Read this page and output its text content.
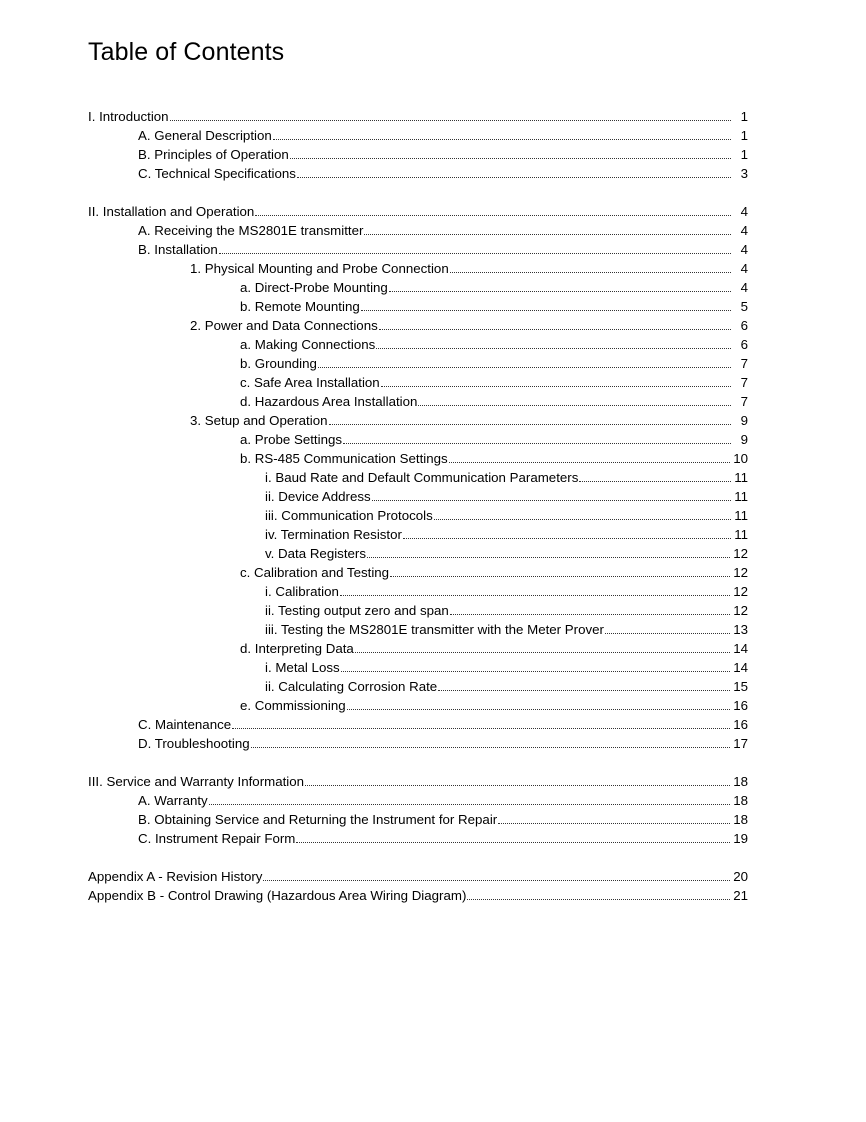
Table of Contents
I. Introduction	1
A. General Description	1
B. Principles of Operation	1
C. Technical Specifications	3
II. Installation and Operation	4
A. Receiving the MS2801E transmitter	4
B. Installation	4
1. Physical Mounting and Probe Connection	4
a. Direct-Probe Mounting	4
b. Remote Mounting	5
2. Power and Data Connections	6
a. Making Connections	6
b. Grounding	7
c. Safe Area Installation	7
d. Hazardous Area Installation	7
3. Setup and Operation	9
a. Probe Settings	9
b. RS-485 Communication Settings	10
i. Baud Rate and Default Communication Parameters	11
ii. Device Address	11
iii. Communication Protocols	11
iv. Termination Resistor	11
v. Data Registers	12
c. Calibration and Testing	12
i. Calibration	12
ii. Testing output zero and span	12
iii. Testing the MS2801E transmitter with the Meter Prover	13
d. Interpreting Data	14
i. Metal Loss	14
ii. Calculating Corrosion Rate	15
e. Commissioning	16
C. Maintenance	16
D. Troubleshooting	17
III. Service and Warranty Information	18
A. Warranty	18
B. Obtaining Service and Returning the Instrument for Repair	18
C. Instrument Repair Form	19
Appendix A - Revision History	20
Appendix B - Control Drawing (Hazardous Area Wiring Diagram)	21
